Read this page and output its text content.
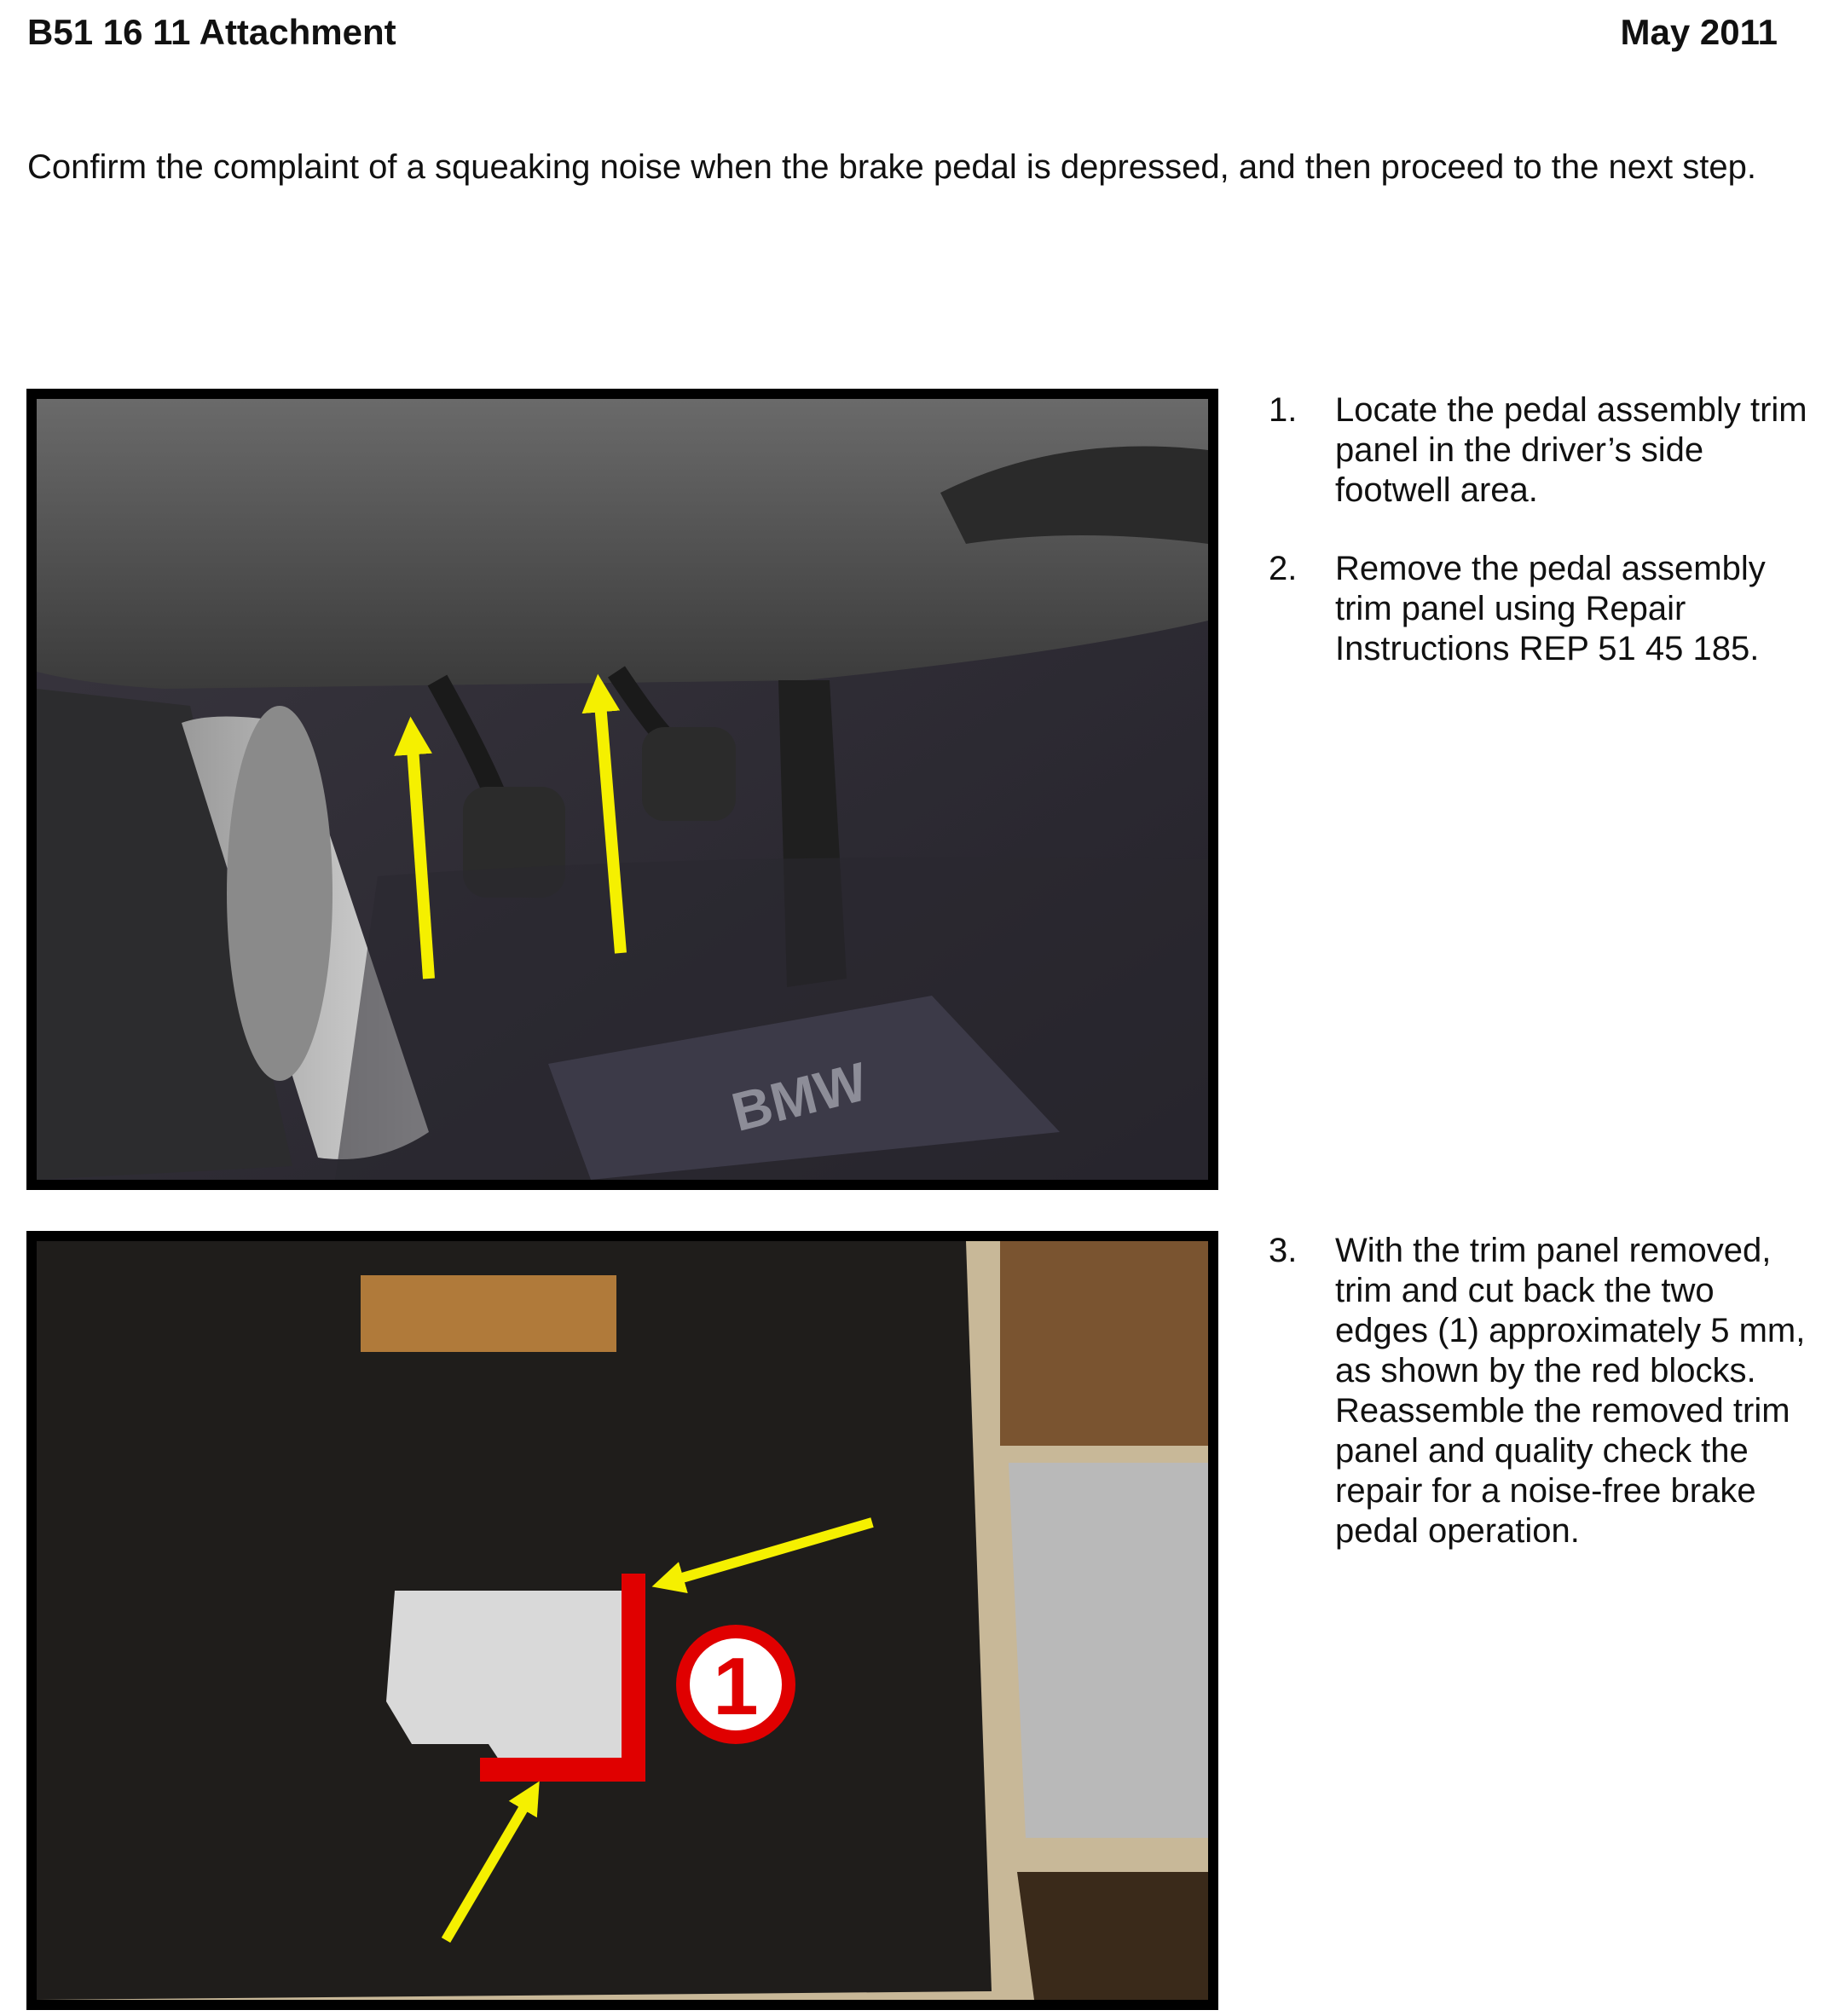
B51 16 11 Attachment	May 2011
Confirm the complaint of a squeaking noise when the brake pedal is depressed, and then proceed to the next step.
BMW
1
1.	Locate the pedal assembly trim panel in the driver’s side footwell area.
2.	Remove the pedal assembly trim panel using Repair Instructions REP 51 45 185.
3.	With the trim panel removed, trim and cut back the two edges (1) approximately 5 mm, as shown by the red blocks. Reassemble the removed trim panel and quality check the repair for a noise-free brake pedal operation.
